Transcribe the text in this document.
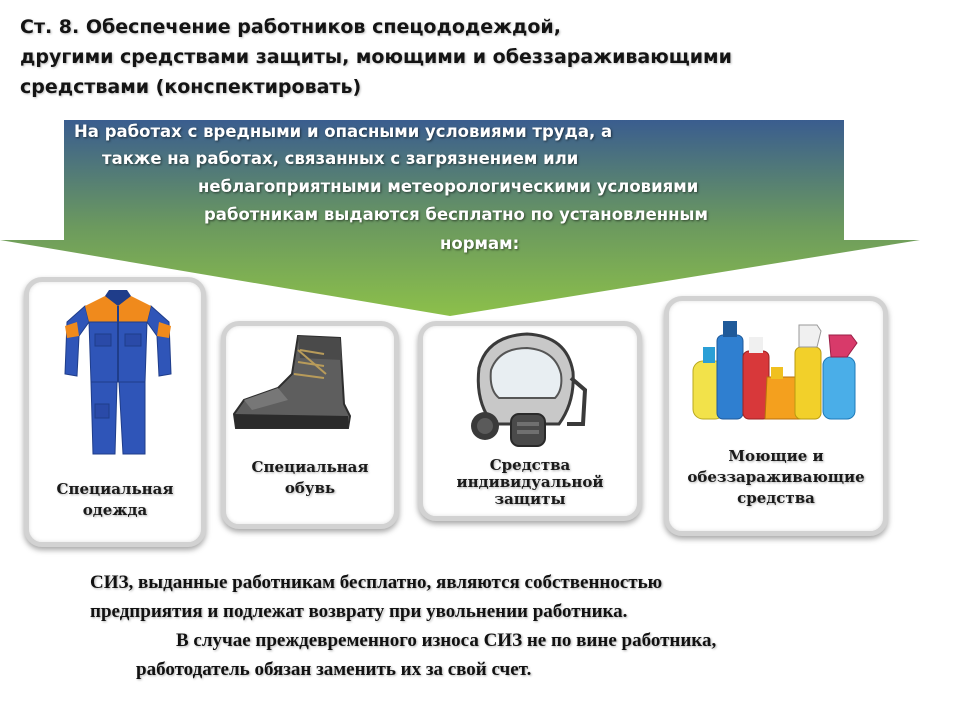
Ст. 8. Обеспечение работников спецододеждой,
другими средствами защиты, моющими и обеззараживающими
средствами (конспектировать)
На работах с вредными и опасными условиями труда, а
также на работах, связанных с загрязнением или
неблагоприятными метеорологическими условиями
работникам выдаются бесплатно по установленным
нормам:
Специальная
одежда
Специальная
обувь
Средства
индивидуальной
защиты
Моющие и
обеззараживающие
средства
СИЗ, выданные работникам бесплатно, являются собственностью
предприятия и подлежат возврату при увольнении работника.
В случае преждевременного износа СИЗ не по вине работника,
работодатель обязан заменить их за свой счет.
